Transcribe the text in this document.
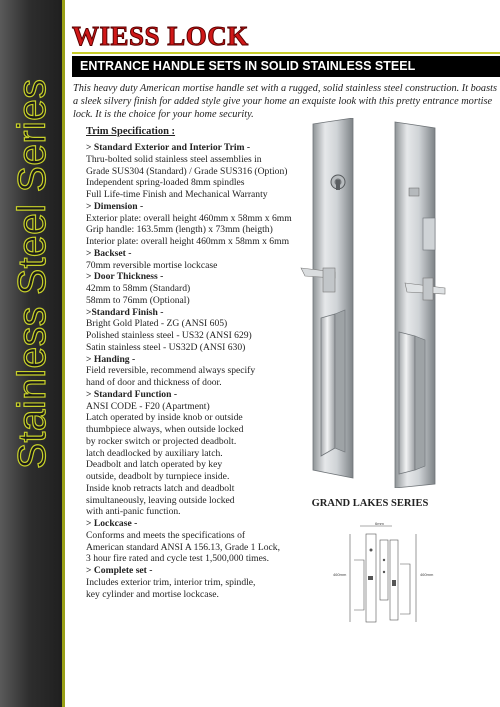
Stainless Steel Series
WIESS LOCK
ENTRANCE HANDLE SETS IN SOLID STAINLESS STEEL
This heavy duty American mortise handle set with a rugged, solid stainless steel construction. It boasts a sleek silvery finish for added style give your home an exquiste look with this pretty entrance mortise lock. It is the choice for your home security.
Trim Specification :
> Standard Exterior and Interior Trim -
Thru-bolted solid stainless steel assemblies in
Grade SUS304 (Standard) / Grade SUS316 (Option)
Independent spring-loaded 8mm spindles
Full Life-time Finish and Mechanical Warranty
> Dimension -
Exterior plate: overall height 460mm x 58mm x 6mm
Grip handle: 163.5mm (length) x 73mm (heigth)
Interior plate: overall height 460mm x 58mm x 6mm
> Backset -
70mm reversible mortise lockcase
> Door Thickness -
42mm to 58mm (Standard)
58mm to 76mm (Optional)
>Standard Finish -
Bright Gold Plated - ZG (ANSI 605)
Polished stainless steel - US32 (ANSI 629)
Satin stainless steel - US32D (ANSI 630)
> Handing -
Field reversible, recommend always specify
hand of door and thickness of door.
> Standard Function -
ANSI CODE - F20 (Apartment)
Latch operated by inside knob or outside
thumbpiece always, when outside locked
by rocker switch or projected deadbolt.
latch deadlocked by auxiliary latch.
Deadbolt and latch operated by key
outside, deadbolt by turnpiece inside.
Inside knob retracts latch and deadbolt
simultaneously, leaving outside locked
with anti-panic function.
> Lockcase -
Conforms and meets the specifications of
American standard ANSI A 156.13, Grade 1 Lock,
3 hour fire rated and cycle test 1,500,000 times.
> Complete set -
Includes exterior trim, interior trim, spindle,
key cylinder and mortise lockcase.
GRAND LAKES SERIES
6mm
460mm	460mm
